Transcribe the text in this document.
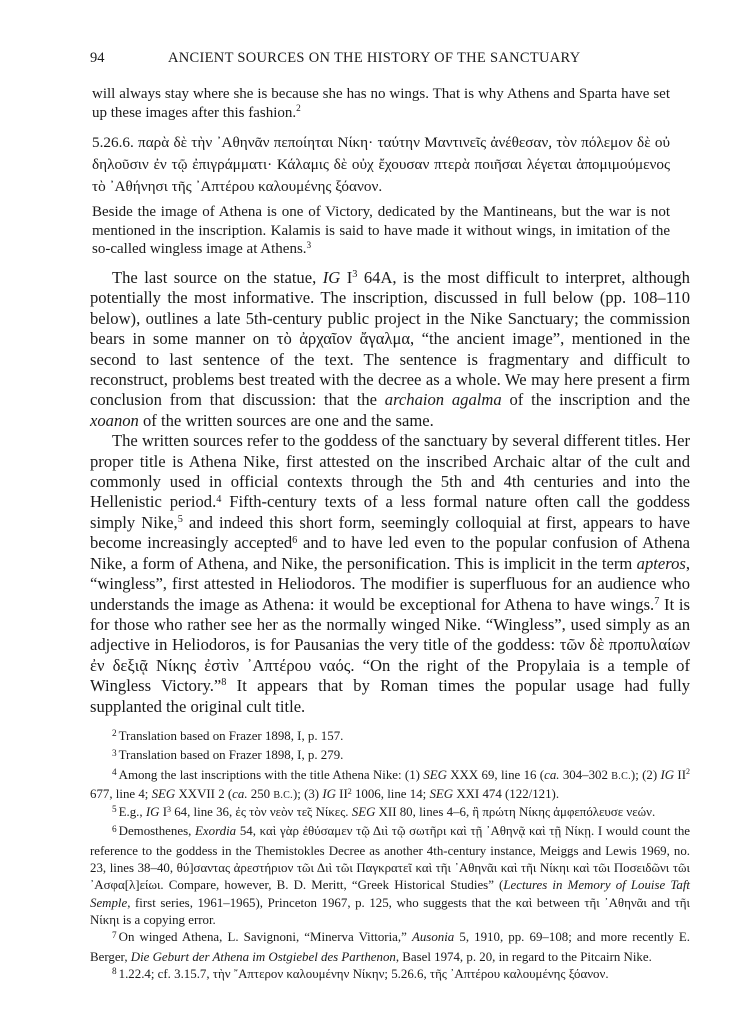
94	ANCIENT SOURCES ON THE HISTORY OF THE SANCTUARY
will always stay where she is because she has no wings. That is why Athens and Sparta have set up these images after this fashion.$^2$
5.26.6. παρὰ δὲ τὴν ᾿Αθηνᾶν πεποίηται Νίκη· ταύτην Μαντινεῖς ἀνέθεσαν, τὸν πόλεμον δὲ οὐ δηλοῦσιν ἐν τῷ ἐπιγράμματι· Κάλαμις δὲ οὐχ ἔχουσαν πτερὰ ποιῆσαι λέγεται ἀπομιμούμενος τὸ ᾿Αθήνησι τῆς ᾿Απτέρου καλουμένης ξόανον.
Beside the image of Athena is one of Victory, dedicated by the Mantineans, but the war is not mentioned in the inscription. Kalamis is said to have made it without wings, in imitation of the so-called wingless image at Athens.$^3$

The last source on the statue, IG $I^3$ 64A, is the most difficult to interpret, although potentially the most informative. The inscription, discussed in full below (pp. 108–110 below), outlines a late 5th-century public project in the Nike Sanctuary; the commission bears in some manner on τὸ ἀρχαῖον ἄγαλμα, “the ancient image”, mentioned in the second to last sentence of the text. The sentence is fragmentary and difficult to reconstruct, problems best treated with the decree as a whole. We may here present a firm conclusion from that discussion: that the archaion agalma of the inscription and the xoanon of the written sources are one and the same.

The written sources refer to the goddess of the sanctuary by several different titles. Her proper title is Athena Nike, first attested on the inscribed Archaic altar of the cult and commonly used in official contexts through the 5th and 4th centuries and into the Hellenistic period.$^4$ Fifth-century texts of a less formal nature often call the goddess simply Nike,$^5$ and indeed this short form, seemingly colloquial at first, appears to have become increasingly accepted$^6$ and to have led even to the popular confusion of Athena Nike, a form of Athena, and Nike, the personification. This is implicit in the term apteros, “wingless”, first attested in Heliodoros. The modifier is superfluous for an audience who understands the image as Athena: it would be exceptional for Athena to have wings.$^7$ It is for those who rather see her as the normally winged Nike. “Wingless”, used simply as an adjective in Heliodoros, is for Pausanias the very title of the goddess: τῶν δὲ προπυλαίων ἐν δεξιᾷ Νίκης ἐστὶν ᾿Απτέρου ναός. “On the right of the Propylaia is a temple of Wingless Victory.”$^8$ It appears that by Roman times the popular usage had fully supplanted the original cult title.

$^2$ Translation based on Frazer 1898, I, p. 157.

$^3$ Translation based on Frazer 1898, I, p. 279.

$^4$ Among the last inscriptions with the title Athena Nike: (1) SEG XXX 69, line 16 (ca. 304–302 B.C.); (2) IG $II^2$ 677, line 4; SEG XXVII 2 (ca. 250 B.C.); (3) IG $II^2$ 1006, line 14; SEG XXI 474 (122/121).

$^5$ E.g., IG $I^3$ 64, line 36, ἐς τὸν νεὸν τε̃ς Νίκες. SEG XII 80, lines 4–6, ἣ πρώτη Νίκης ἀμφεπόλευσε νεών.

$^6$ Demosthenes, Exordia 54, καὶ γὰρ ἐθύσαμεν τῷ Διὶ τῷ σωτῆρι καὶ τῇ ᾿Αθηνᾷ καὶ τῇ Νίκῃ. I would count the reference to the goddess in the Themistokles Decree as another 4th-century instance, Meiggs and Lewis 1969, no. 23, lines 38–40, θύ]σαντας ἀρεστήριον τῶι Διὶ τῶι Παγκρατεῖ καὶ τῆι ᾿Αθηνᾶι καὶ τῆι Νίκηι καὶ τῶι Ποσειδῶνι τῶι ᾿Ασφα[λ]είωι. Compare, however, B. D. Meritt, “Greek Historical Studies” (Lectures in Memory of Louise Taft Semple, first series, 1961–1965), Princeton 1967, p. 125, who suggests that the καὶ between τῆι ᾿Αθηνᾶι and τῆι Νίκηι is a copying error.

$^7$ On winged Athena, L. Savignoni, “Minerva Vittoria,” Ausonia 5, 1910, pp. 69–108; and more recently E. Berger, Die Geburt der Athena im Ostgiebel des Parthenon, Basel 1974, p. 20, in regard to the Pitcairn Nike.

$^8$ 1.22.4; cf. 3.15.7, τὴν ῎Απτερον καλουμένην Νίκην; 5.26.6, τῆς ᾿Απτέρου καλουμένης ξόανον.
